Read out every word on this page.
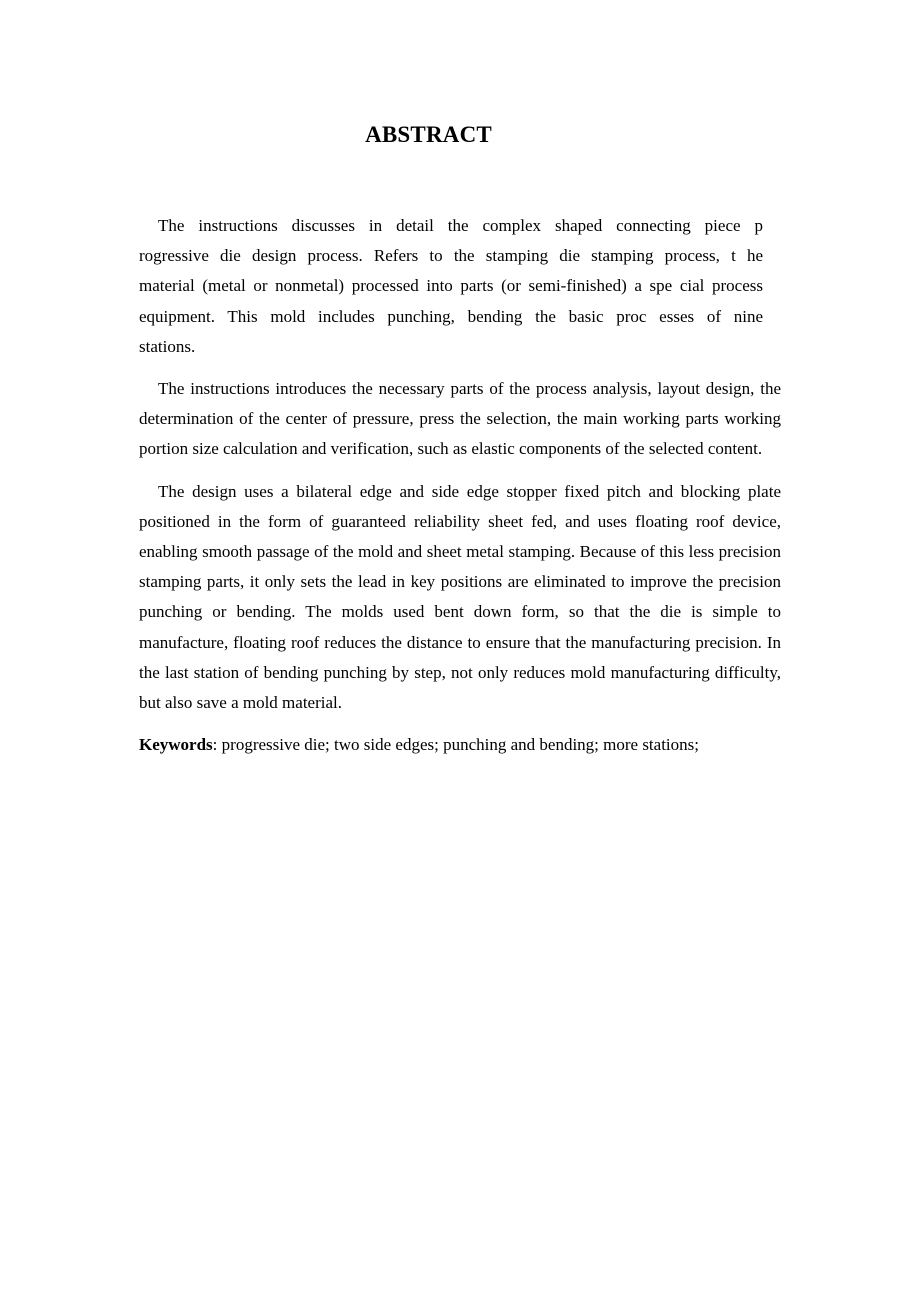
ABSTRACT

The instructions discusses in detail the complex shaped connecting piece p rogressive die design process. Refers to the stamping die stamping process, t he material (metal or nonmetal) processed into parts (or semi-finished) a spe cial process equipment. This mold includes punching, bending the basic proc esses of nine stations.

The instructions introduces the necessary parts of the process analysis, layout design, the determination of the center of pressure, press the selection, the main working parts working portion size calculation and verification, such as elastic components of the selected content.

The design uses a bilateral edge and side edge stopper fixed pitch and blocking plate positioned in the form of guaranteed reliability sheet fed, and uses floating roof device, enabling smooth passage of the mold and sheet metal stamping. Because of this less precision stamping parts, it only sets the lead in key positions are eliminated to improve the precision punching or bending. The molds used bent down form, so that the die is simple to manufacture, floating roof reduces the distance to ensure that the manufacturing precision. In the last station of bending punching by step, not only reduces mold manufacturing difficulty, but also save a mold material.

Keywords: progressive die; two side edges; punching and bending; more stations;
